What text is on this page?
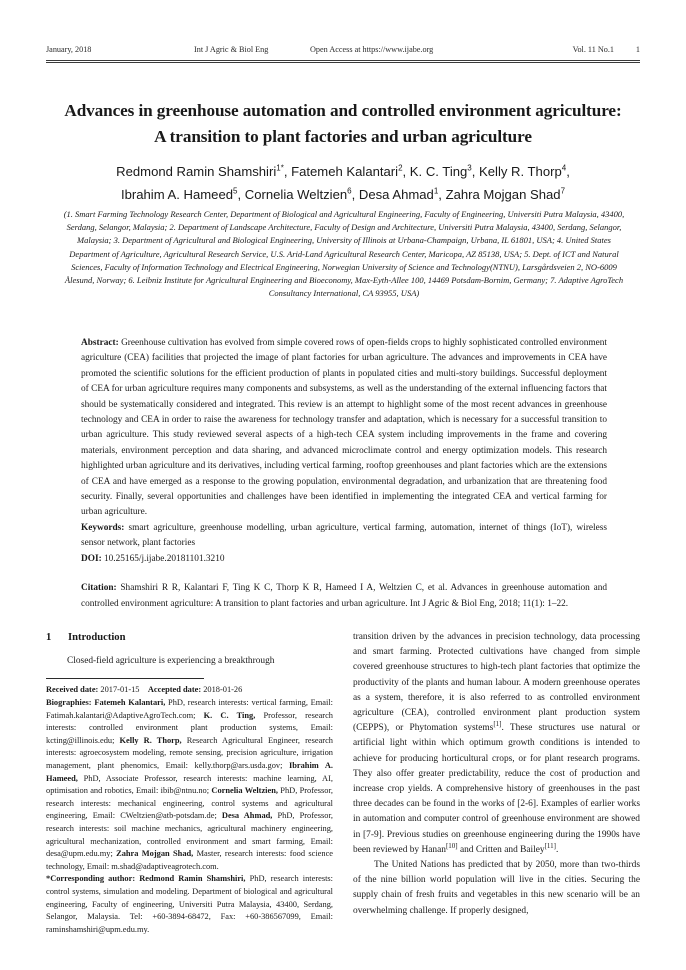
January, 2018	Int J Agric & Biol Eng	Open Access at https://www.ijabe.org	Vol. 11 No.1	1
Advances in greenhouse automation and controlled environment agriculture: A transition to plant factories and urban agriculture
Redmond Ramin Shamshiri$^{1*}$, Fatemeh Kalantari$^2$, K. C. Ting$^3$, Kelly R. Thorp$^4$,
Ibrahim A. Hameed$^5$, Cornelia Weltzien$^6$, Desa Ahmad$^1$, Zahra Mojgan Shad$^7$
(1. Smart Farming Technology Research Center, Department of Biological and Agricultural Engineering, Faculty of Engineering, Universiti Putra Malaysia, 43400, Serdang, Selangor, Malaysia; 2. Department of Landscape Architecture, Faculty of Design and Architecture, Universiti Putra Malaysia, 43400, Serdang, Selangor, Malaysia; 3. Department of Agricultural and Biological Engineering, University of Illinois at Urbana-Champaign, Urbana, IL 61801, USA; 4. United States Department of Agriculture, Agricultural Research Service, U.S. Arid-Land Agricultural Research Center, Maricopa, AZ 85138, USA; 5. Dept. of ICT and Natural Sciences, Faculty of Information Technology and Electrical Engineering, Norwegian University of Science and Technology(NTNU), Larsgårdsveien 2, NO-6009 Ålesund, Norway; 6. Leibniz Institute for Agricultural Engineering and Bioeconomy, Max-Eyth-Allee 100, 14469 Potsdam-Bornim, Germany; 7. Adaptive AgroTech Consultancy International, CA 93955, USA)
Abstract: Greenhouse cultivation has evolved from simple covered rows of open-fields crops to highly sophisticated controlled environment agriculture (CEA) facilities that projected the image of plant factories for urban agriculture. The advances and improvements in CEA have promoted the scientific solutions for the efficient production of plants in populated cities and multi-story buildings. Successful deployment of CEA for urban agriculture requires many components and subsystems, as well as the understanding of the external influencing factors that should be systematically considered and integrated. This review is an attempt to highlight some of the most recent advances in greenhouse technology and CEA in order to raise the awareness for technology transfer and adaptation, which is necessary for a successful transition to urban agriculture. This study reviewed several aspects of a high-tech CEA system including improvements in the frame and covering materials, environment perception and data sharing, and advanced microclimate control and energy optimization models. This research highlighted urban agriculture and its derivatives, including vertical farming, rooftop greenhouses and plant factories which are the extensions of CEA and have emerged as a response to the growing population, environmental degradation, and urbanization that are threatening food security. Finally, several opportunities and challenges have been identified in implementing the integrated CEA and vertical farming for urban agriculture.
Keywords: smart agriculture, greenhouse modelling, urban agriculture, vertical farming, automation, internet of things (IoT), wireless sensor network, plant factories
DOI: 10.25165/j.ijabe.20181101.3210
Citation: Shamshiri R R, Kalantari F, Ting K C, Thorp K R, Hameed I A, Weltzien C, et al. Advances in greenhouse automation and controlled environment agriculture: A transition to plant factories and urban agriculture. Int J Agric & Biol Eng, 2018; 11(1): 1–22.
1	Introduction

Closed-field agriculture is experiencing a breakthrough

Received date: 2017-01-15 Accepted date: 2018-01-26

Biographies: Fatemeh Kalantari, PhD, research interests: vertical farming, Email: Fatimah.kalantari@AdaptiveAgroTech.com; K. C. Ting, Professor, research interests: controlled environment plant production systems, Email: kcting@illinois.edu; Kelly R. Thorp, Research Agricultural Engineer, research interests: agroecosystem modeling, remote sensing, precision agriculture, irrigation management, plant phenomics, Email: kelly.thorp@ars.usda.gov; Ibrahim A. Hameed, PhD, Associate Professor, research interests: machine learning, AI, optimisation and robotics, Email: ibib@ntnu.no; Cornelia Weltzien, PhD, Professor, research interests: mechanical engineering, control systems and agricultural engineering, Email: CWeltzien@atb-potsdam.de; Desa Ahmad, PhD, Professor, research interests: soil machine mechanics, agricultural machinery engineering, agricultural mechanization, controlled environment and smart farming, Email: desa@upm.edu.my; Zahra Mojgan Shad, Master, research interests: food science technology, Email: m.shad@adaptiveagrotech.com.

*Corresponding author: Redmond Ramin Shamshiri, PhD, research interests: control systems, simulation and modeling. Department of biological and agricultural engineering, Faculty of engineering, Universiti Putra Malaysia, 43400, Serdang, Selangor, Malaysia. Tel: +60-3894-68472, Fax: +60-386567099, Email: raminshamshiri@upm.edu.my.

transition driven by the advances in precision technology, data processing and smart farming. Protected cultivations have changed from simple covered greenhouse structures to high-tech plant factories that optimize the productivity of the plants and human labour. A modern greenhouse operates as a system, therefore, it is also referred to as controlled environment agriculture (CEA), controlled environment plant production system (CEPPS), or Phytomation systems[1]. These structures use natural or artificial light within which optimum growth conditions is intended to achieve for producing horticultural crops, or for plant research programs. They also offer greater predictability, reduce the cost of production and increase crop yields. A comprehensive history of greenhouses in the past three decades can be found in the works of [2-6]. Examples of earlier works in automation and computer control of greenhouse environment are showed in [7-9]. Previous studies on greenhouse engineering during the 1990s have been reviewed by Hanan[10] and Critten and Bailey[11].

The United Nations has predicted that by 2050, more than two-thirds of the nine billion world population will live in the cities. Securing the supply chain of fresh fruits and vegetables in this new scenario will be an overwhelming challenge. If properly designed,
